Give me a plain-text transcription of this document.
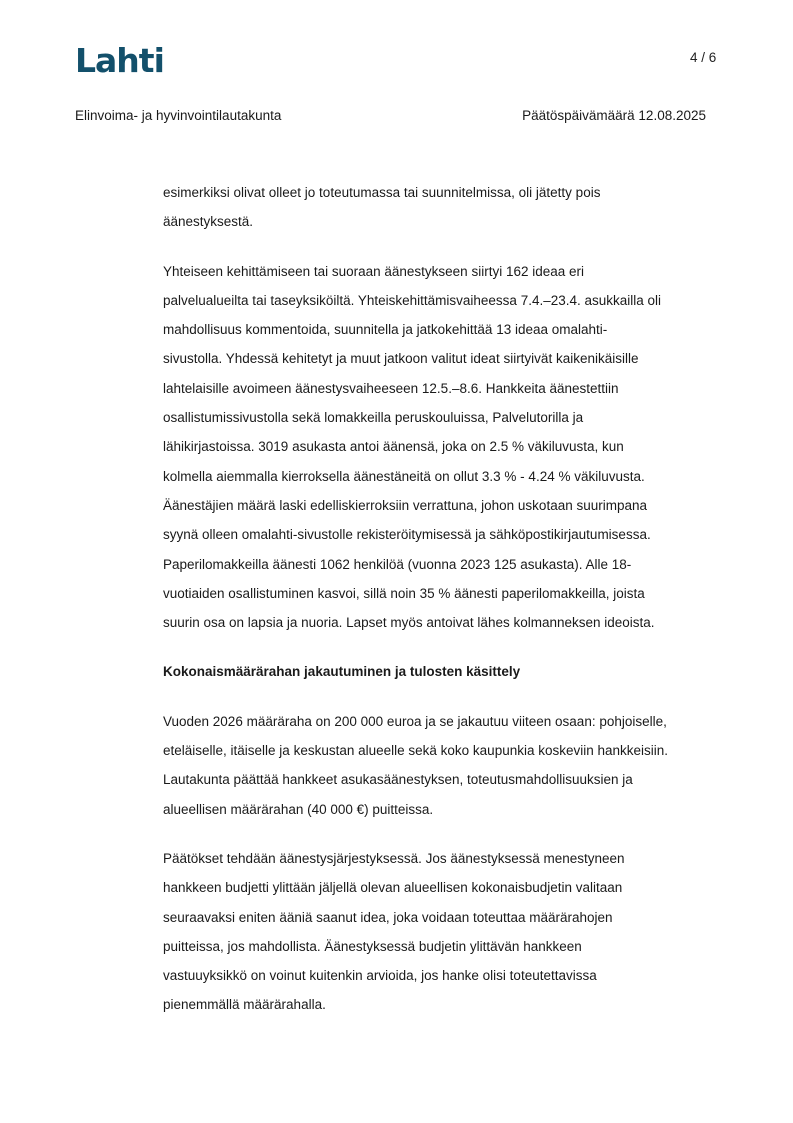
Lahti	4 / 6
Elinvoima- ja hyvinvointilautakunta	Päätöspäivämäärä 12.08.2025

esimerkiksi olivat olleet jo toteutumassa tai suunnitelmissa, oli jätetty pois
äänestyksestä.

Yhteiseen kehittämiseen tai suoraan äänestykseen siirtyi 162 ideaa eri
palvelualueilta tai taseyksiköiltä. Yhteiskehittämisvaiheessa 7.4.–23.4. asukkailla oli
mahdollisuus kommentoida, suunnitella ja jatkokehittää 13 ideaa omalahti-
sivustolla. Yhdessä kehitetyt ja muut jatkoon valitut ideat siirtyivät kaikenikäisille
lahtelaisille avoimeen äänestysvaiheeseen 12.5.–8.6. Hankkeita äänestettiin
osallistumissivustolla sekä lomakkeilla peruskouluissa, Palvelutorilla ja
lähikirjastoissa. 3019 asukasta antoi äänensä, joka on 2.5 % väkiluvusta, kun
kolmella aiemmalla kierroksella äänestäneitä on ollut 3.3 % - 4.24 % väkiluvusta.
Äänestäjien määrä laski edelliskierroksiin verrattuna, johon uskotaan suurimpana
syynä olleen omalahti-sivustolle rekisteröitymisessä ja sähköpostikirjautumisessa.
Paperilomakkeilla äänesti 1062 henkilöä (vuonna 2023 125 asukasta). Alle 18-
vuotiaiden osallistuminen kasvoi, sillä noin 35 % äänesti paperilomakkeilla, joista
suurin osa on lapsia ja nuoria. Lapset myös antoivat lähes kolmanneksen ideoista.

Kokonaismäärärahan jakautuminen ja tulosten käsittely

Vuoden 2026 määräraha on 200 000 euroa ja se jakautuu viiteen osaan: pohjoiselle,
eteläiselle, itäiselle ja keskustan alueelle sekä koko kaupunkia koskeviin hankkeisiin.
Lautakunta päättää hankkeet asukasäänestyksen, toteutusmahdollisuuksien ja
alueellisen määrärahan (40 000 €) puitteissa.

Päätökset tehdään äänestysjärjestyksessä. Jos äänestyksessä menestyneen
hankkeen budjetti ylittään jäljellä olevan alueellisen kokonaisbudjetin valitaan
seuraavaksi eniten ääniä saanut idea, joka voidaan toteuttaa määrärahojen
puitteissa, jos mahdollista. Äänestyksessä budjetin ylittävän hankkeen
vastuuyksikkö on voinut kuitenkin arvioida, jos hanke olisi toteutettavissa
pienemmällä määrärahalla.
